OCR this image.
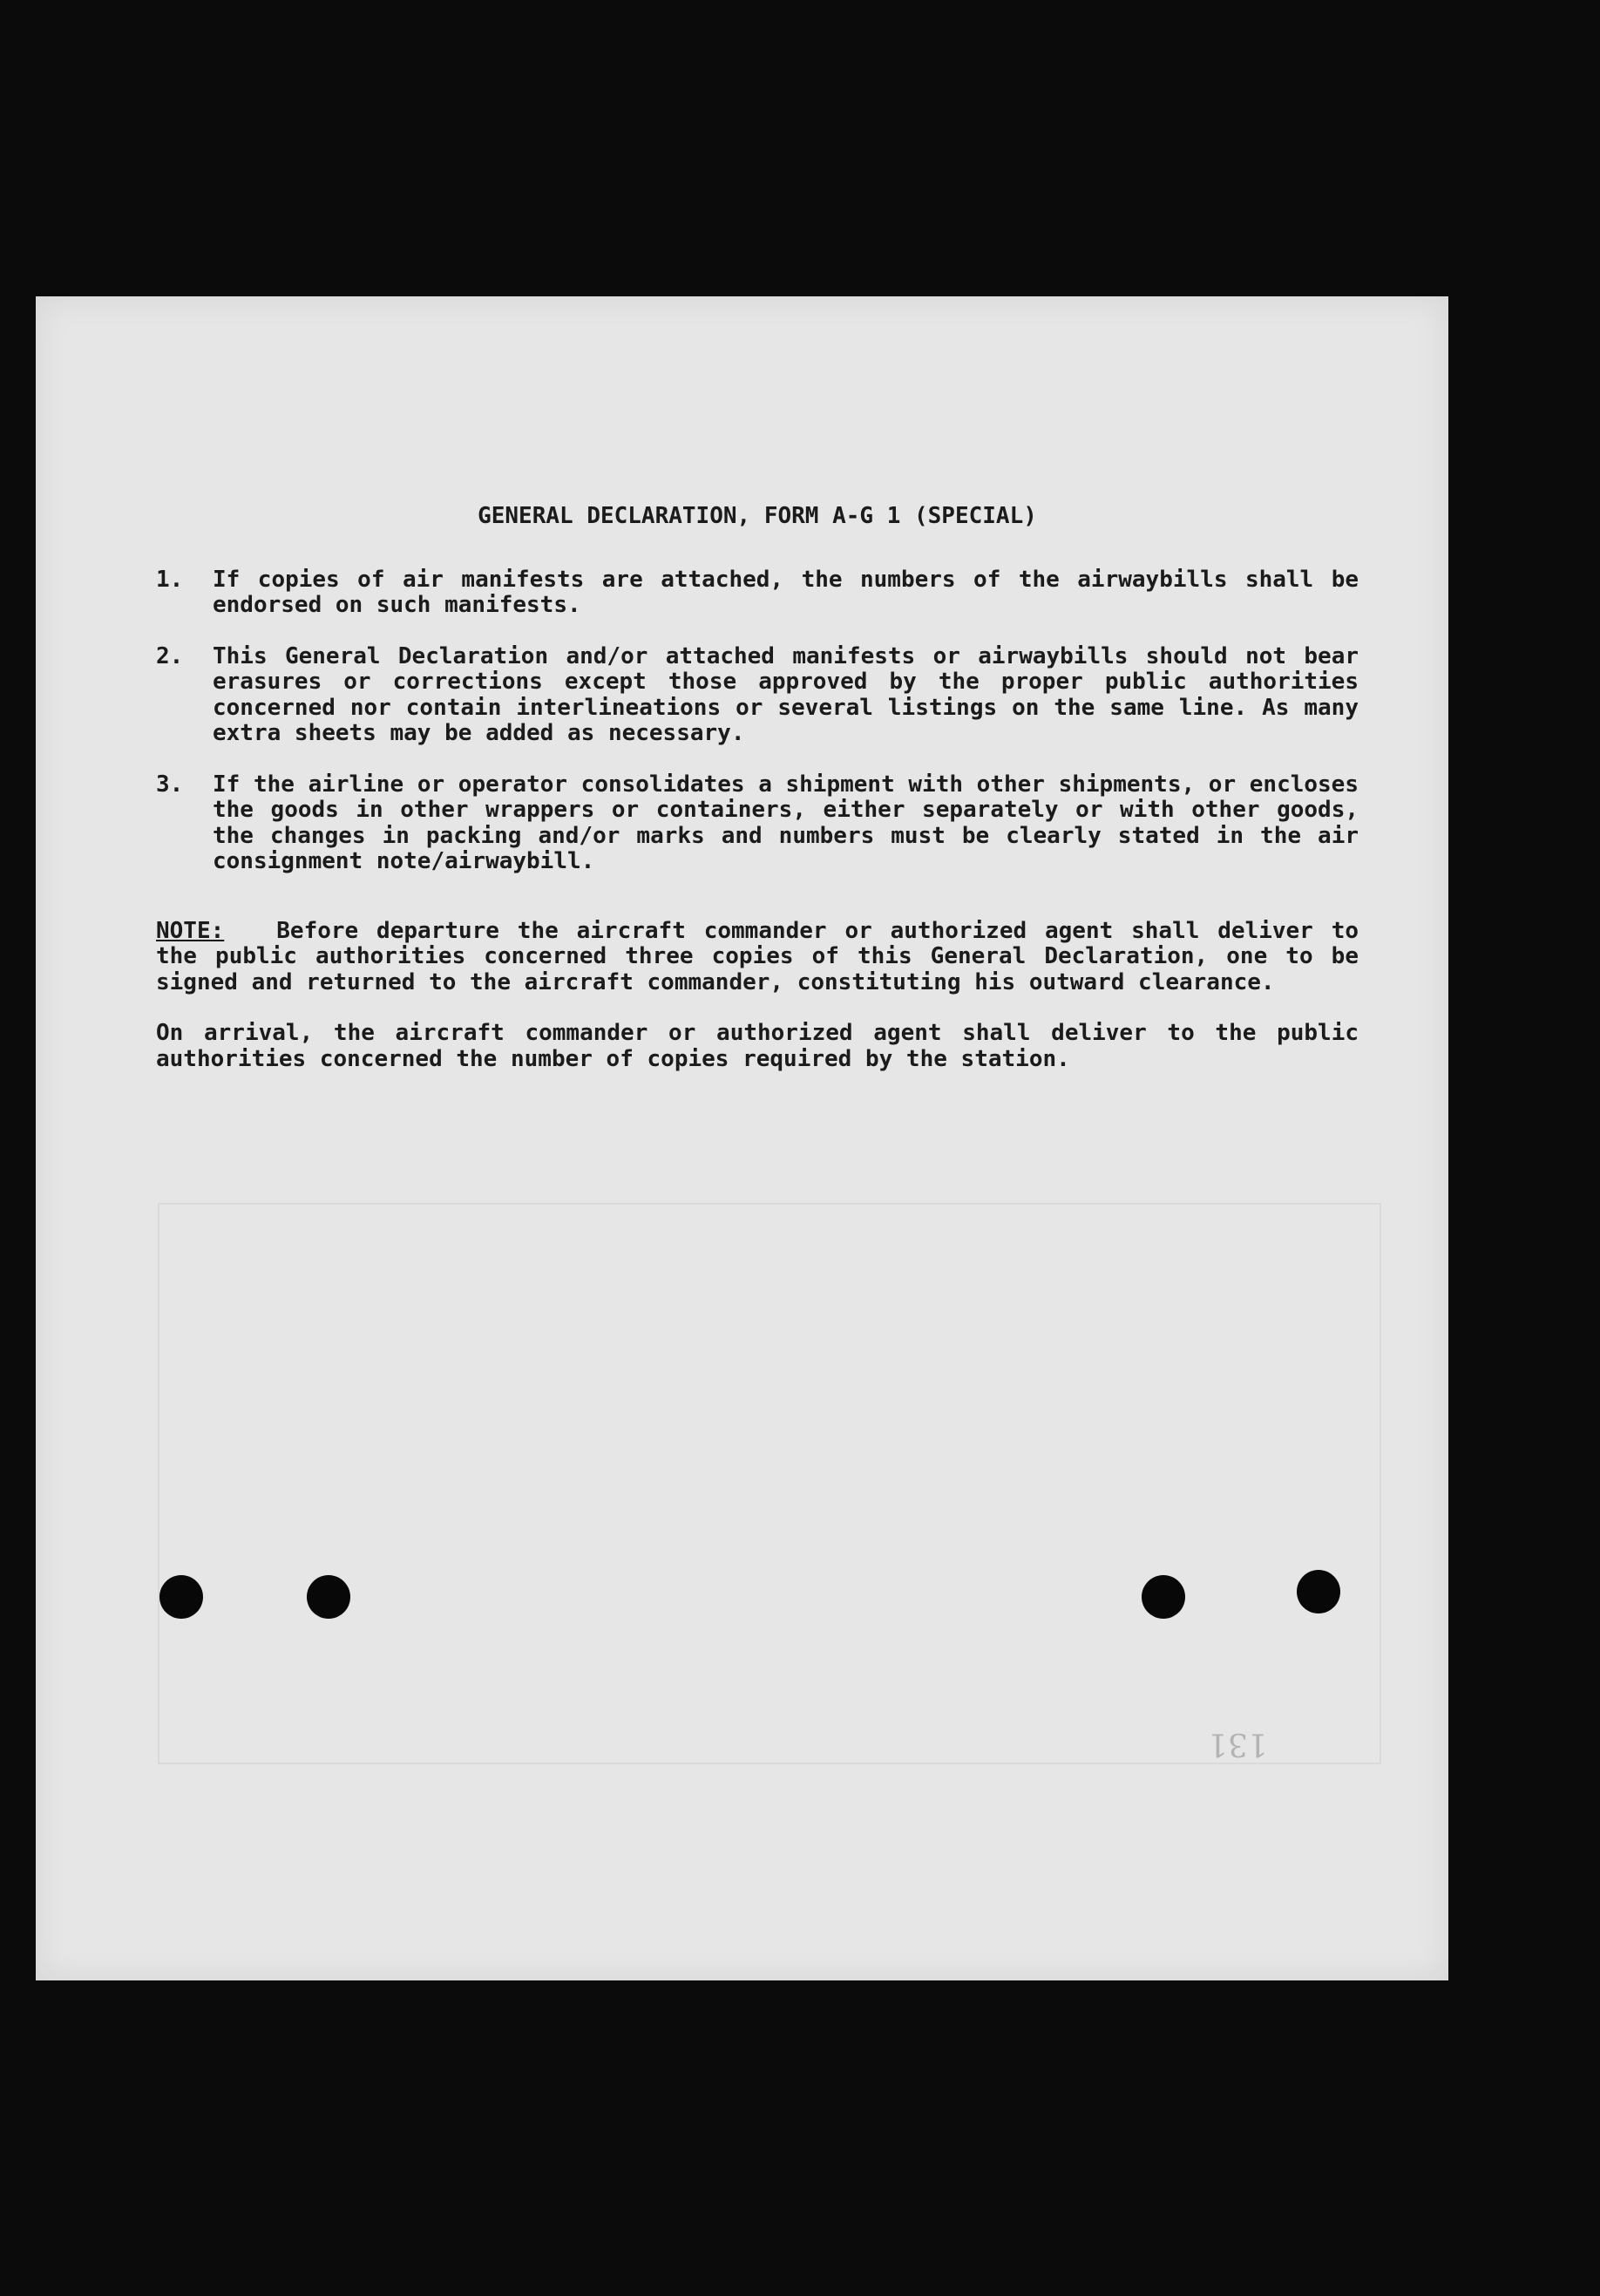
131
GENERAL DECLARATION, FORM A-G 1 (SPECIAL)
1.	If copies of air manifests are attached, the numbers of the airwaybills shall be endorsed on such manifests.
2.	This General Declaration and/or attached manifests or airwaybills should not bear erasures or corrections except those approved by the proper public authorities concerned nor contain interlineations or several listings on the same line. As many extra sheets may be added as necessary.
3.	If the airline or operator consolidates a shipment with other shipments, or encloses the goods in other wrappers or containers, either separately or with other goods, the changes in packing and/or marks and numbers must be clearly stated in the air consignment note/airwaybill.

NOTE: Before departure the aircraft commander or authorized agent shall deliver to the public authorities concerned three copies of this General Declaration, one to be signed and returned to the aircraft commander, constituting his outward clearance.

On arrival, the aircraft commander or authorized agent shall deliver to the public authorities concerned the number of copies required by the station.
